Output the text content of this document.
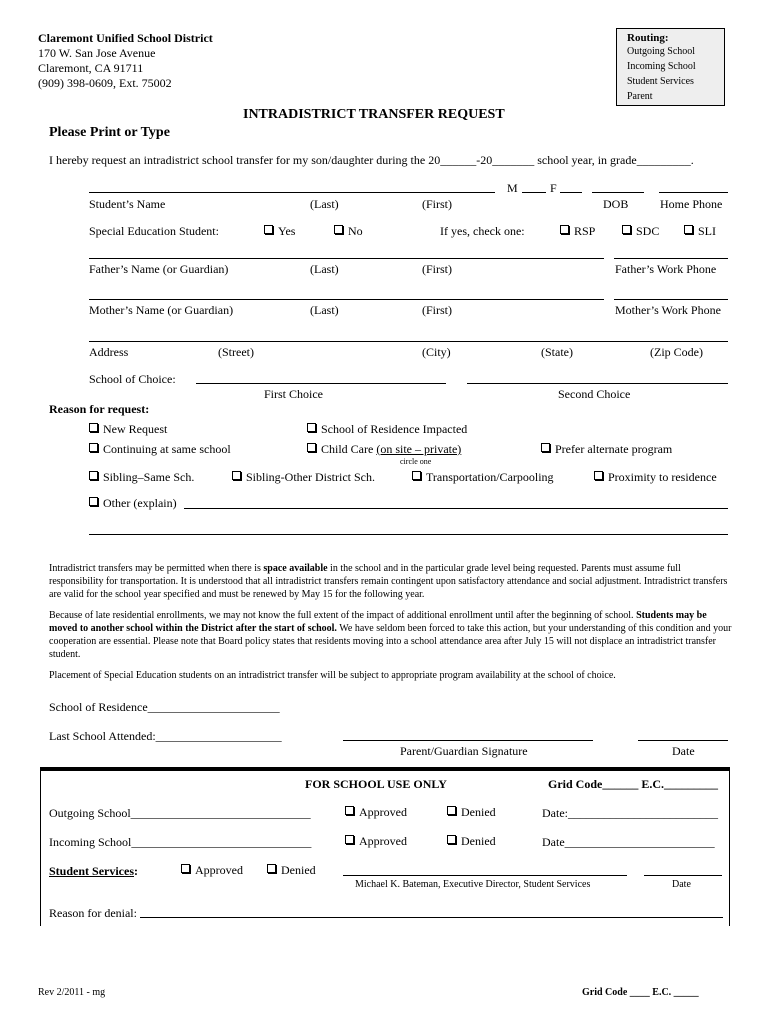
Claremont Unified School District
170 W. San Jose Avenue
Claremont, CA 91711
(909) 398-0609, Ext. 75002
Routing:
Outgoing School
Incoming School
Student Services
Parent
INTRADISTRICT TRANSFER REQUEST
Please Print or Type
I hereby request an intradistrict school transfer for my son/daughter during the 20______-20_______ school year, in grade_________.
M	F
Student’s Name	(Last)	(First)	DOB	Home Phone
Special Education Student:	Yes	No	If yes, check one:	RSP	SDC	SLI
Father’s Name (or Guardian)	(Last)	(First)	Father’s Work Phone
Mother’s Name (or Guardian)	(Last)	(First)	Mother’s Work Phone
Address	(Street)	(City)	(State)	(Zip Code)
School of Choice:
First Choice	Second Choice
Reason for request:
New Request	School of Residence Impacted
Continuing at same school	Child Care (on site – private)
circle one
Prefer alternate program
Sibling–Same Sch.	Sibling-Other District Sch.	Transportation/Carpooling	Proximity to residence
Other (explain)
Intradistrict transfers may be permitted when there is space available in the school and in the particular grade level being requested. Parents must assume full responsibility for transportation. It is understood that all intradistrict transfers remain contingent upon satisfactory attendance and social adjustment. Intradistrict transfers are valid for the school year specified and must be renewed by May 15 for the following year.
Because of late residential enrollments, we may not know the full extent of the impact of additional enrollment until after the beginning of school. Students may be moved to another school within the District after the start of school. We have seldom been forced to take this action, but your understanding of this condition and your cooperation are essential. Please note that Board policy states that residents moving into a school attendance area after July 15 will not displace an intradistrict transfer student.
Placement of Special Education students on an intradistrict transfer will be subject to appropriate program availability at the school of choice.
School of Residence______________________
Last School Attended:_____________________
Parent/Guardian Signature	Date
FOR SCHOOL USE ONLY	Grid Code______ E.C._________
Outgoing School______________________________	Approved	Denied	Date:_________________________
Incoming School______________________________	Approved	Denied	Date_________________________
Student Services:	Approved	Denied
Michael K. Bateman, Executive Director, Student Services	Date
Reason for denial:
Rev 2/2011 - mg	Grid Code ____ E.C. _____
